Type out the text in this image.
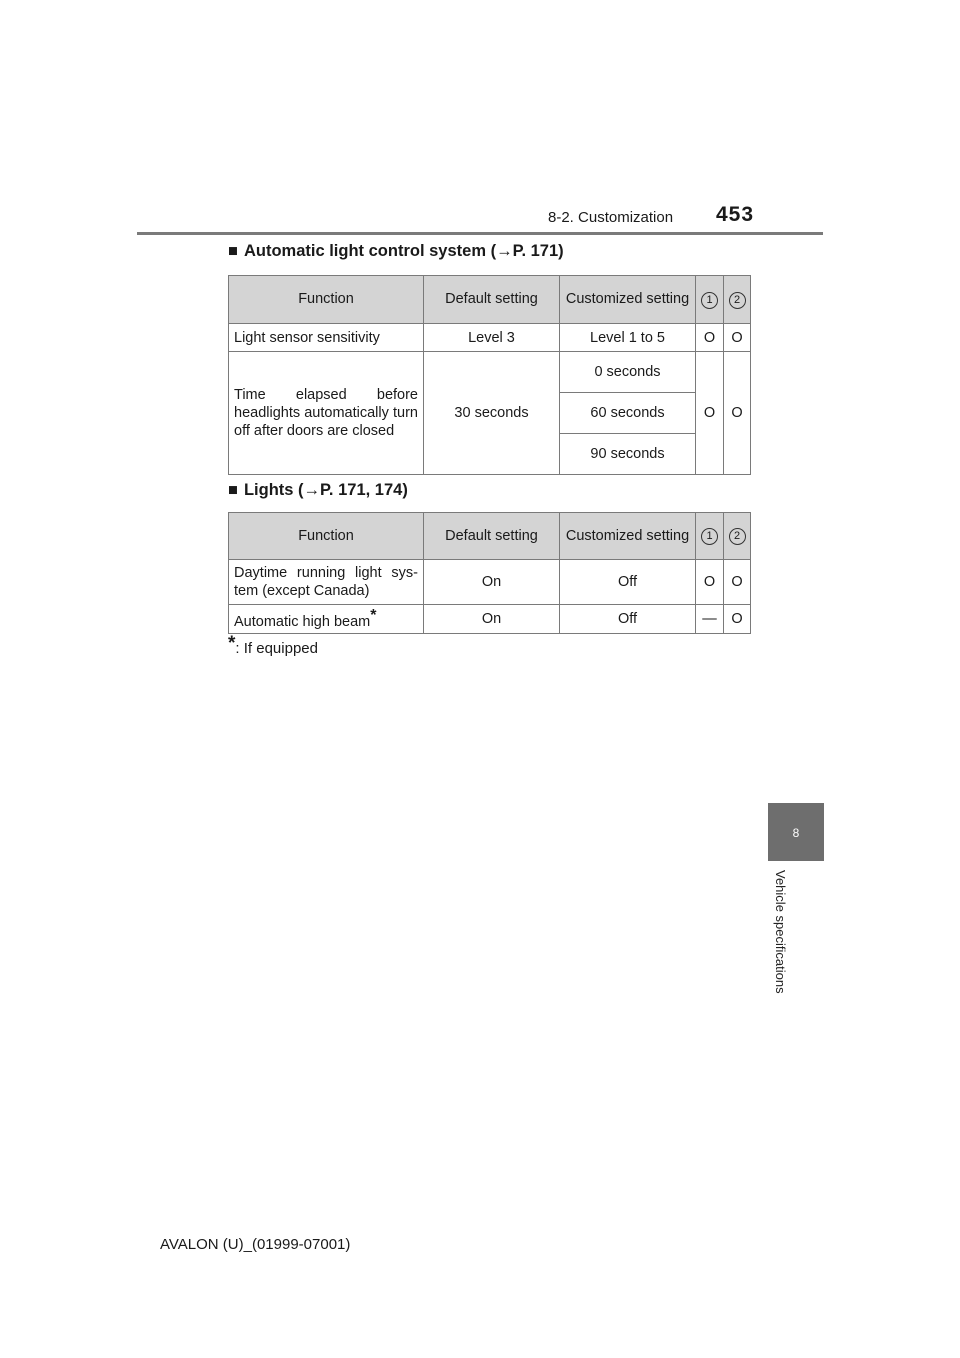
8-2. Customization 453
■ Automatic light control system (→P. 171)
Function	Default setting	Customized setting	1	2
Light sensor sensitivity	Level 3	Level 1 to 5	O	O
Time elapsed before headlights automatically turn off after doors are closed	30 seconds	0 seconds	O	O
		60 seconds		
		90 seconds		
■ Lights (→P. 171, 174)
Function	Default setting	Customized setting	1	2
Daytime running light sys-tem (except Canada)	On	Off	O	O
Automatic high beam*	On	Off	—	O
*: If equipped
8
Vehicle specifications
AVALON (U)_(01999-07001)
